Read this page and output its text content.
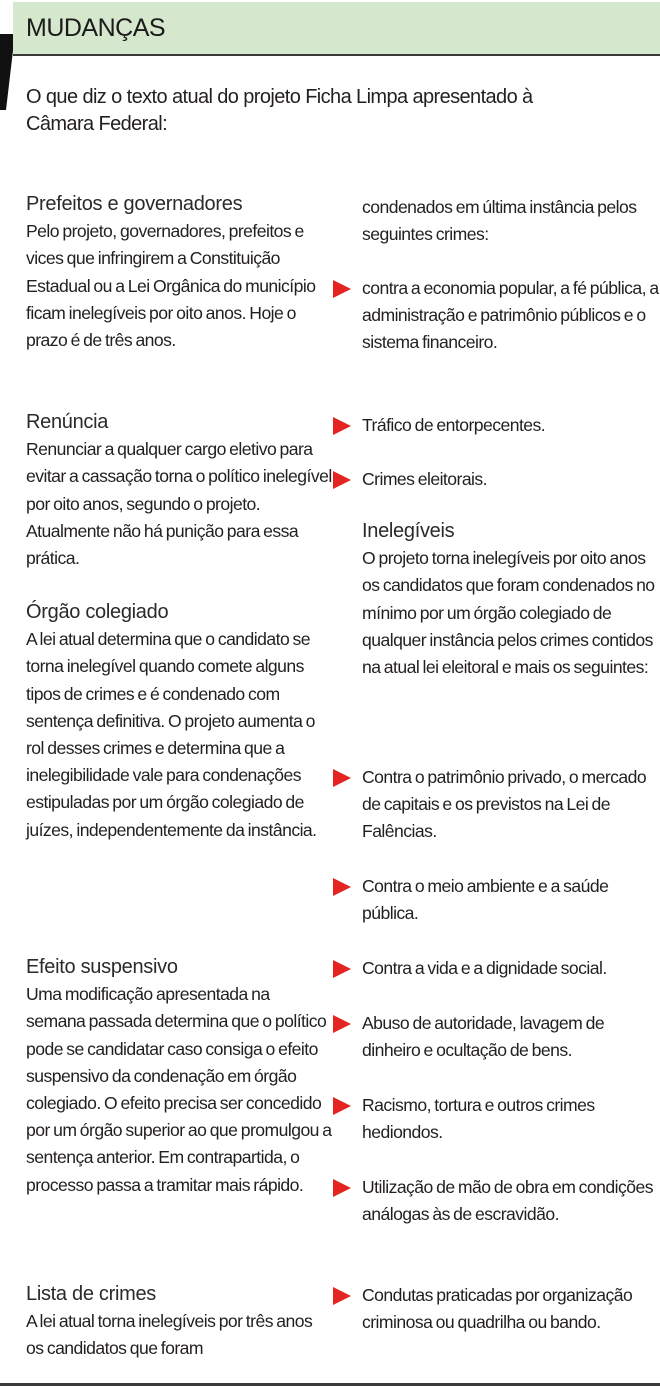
MUDANÇAS
O que diz o texto atual do projeto Ficha Limpa apresentado à Câmara Federal:
Prefeitos e governadores
Pelo projeto, governadores, prefeitos e vices que infringirem a Constituição Estadual ou a Lei Orgânica do município ficam inelegíveis por oito anos. Hoje o prazo é de três anos.
Renúncia
Renunciar a qualquer cargo eletivo para evitar a cassação torna o político inelegível por oito anos, segundo o projeto. Atualmente não há punição para essa prática.
Órgão colegiado
A lei atual determina que o candidato se torna inelegível quando comete alguns tipos de crimes e é condenado com sentença definitiva. O projeto aumenta o rol desses crimes e determina que a inelegibilidade vale para condenações estipuladas por um órgão colegiado de juízes, independentemente da instância.
Efeito suspensivo
Uma modificação apresentada na semana passada determina que o político pode se candidatar caso consiga o efeito suspensivo da condenação em órgão colegiado. O efeito precisa ser concedido por um órgão superior ao que promulgou a sentença anterior. Em contrapartida, o processo passa a tramitar mais rápido.
Lista de crimes
A lei atual torna inelegíveis por três anos os candidatos que foram
condenados em última instância pelos seguintes crimes:
contra a economia popular, a fé pública, a administração e patrimônio públicos e o sistema financeiro.
Tráfico de entorpecentes.
Crimes eleitorais.
Inelegíveis
O projeto torna inelegíveis por oito anos os candidatos que foram condenados no mínimo por um órgão colegiado de qualquer instância pelos crimes contidos na atual lei eleitoral e mais os seguintes:
Contra o patrimônio privado, o mercado de capitais e os previstos na Lei de Falências.
Contra o meio ambiente e a saúde pública.
Contra a vida e a dignidade social.
Abuso de autoridade, lavagem de dinheiro e ocultação de bens.
Racismo, tortura e outros crimes hediondos.
Utilização de mão de obra em condições análogas às de escravidão.
Condutas praticadas por organização criminosa ou quadrilha ou bando.
